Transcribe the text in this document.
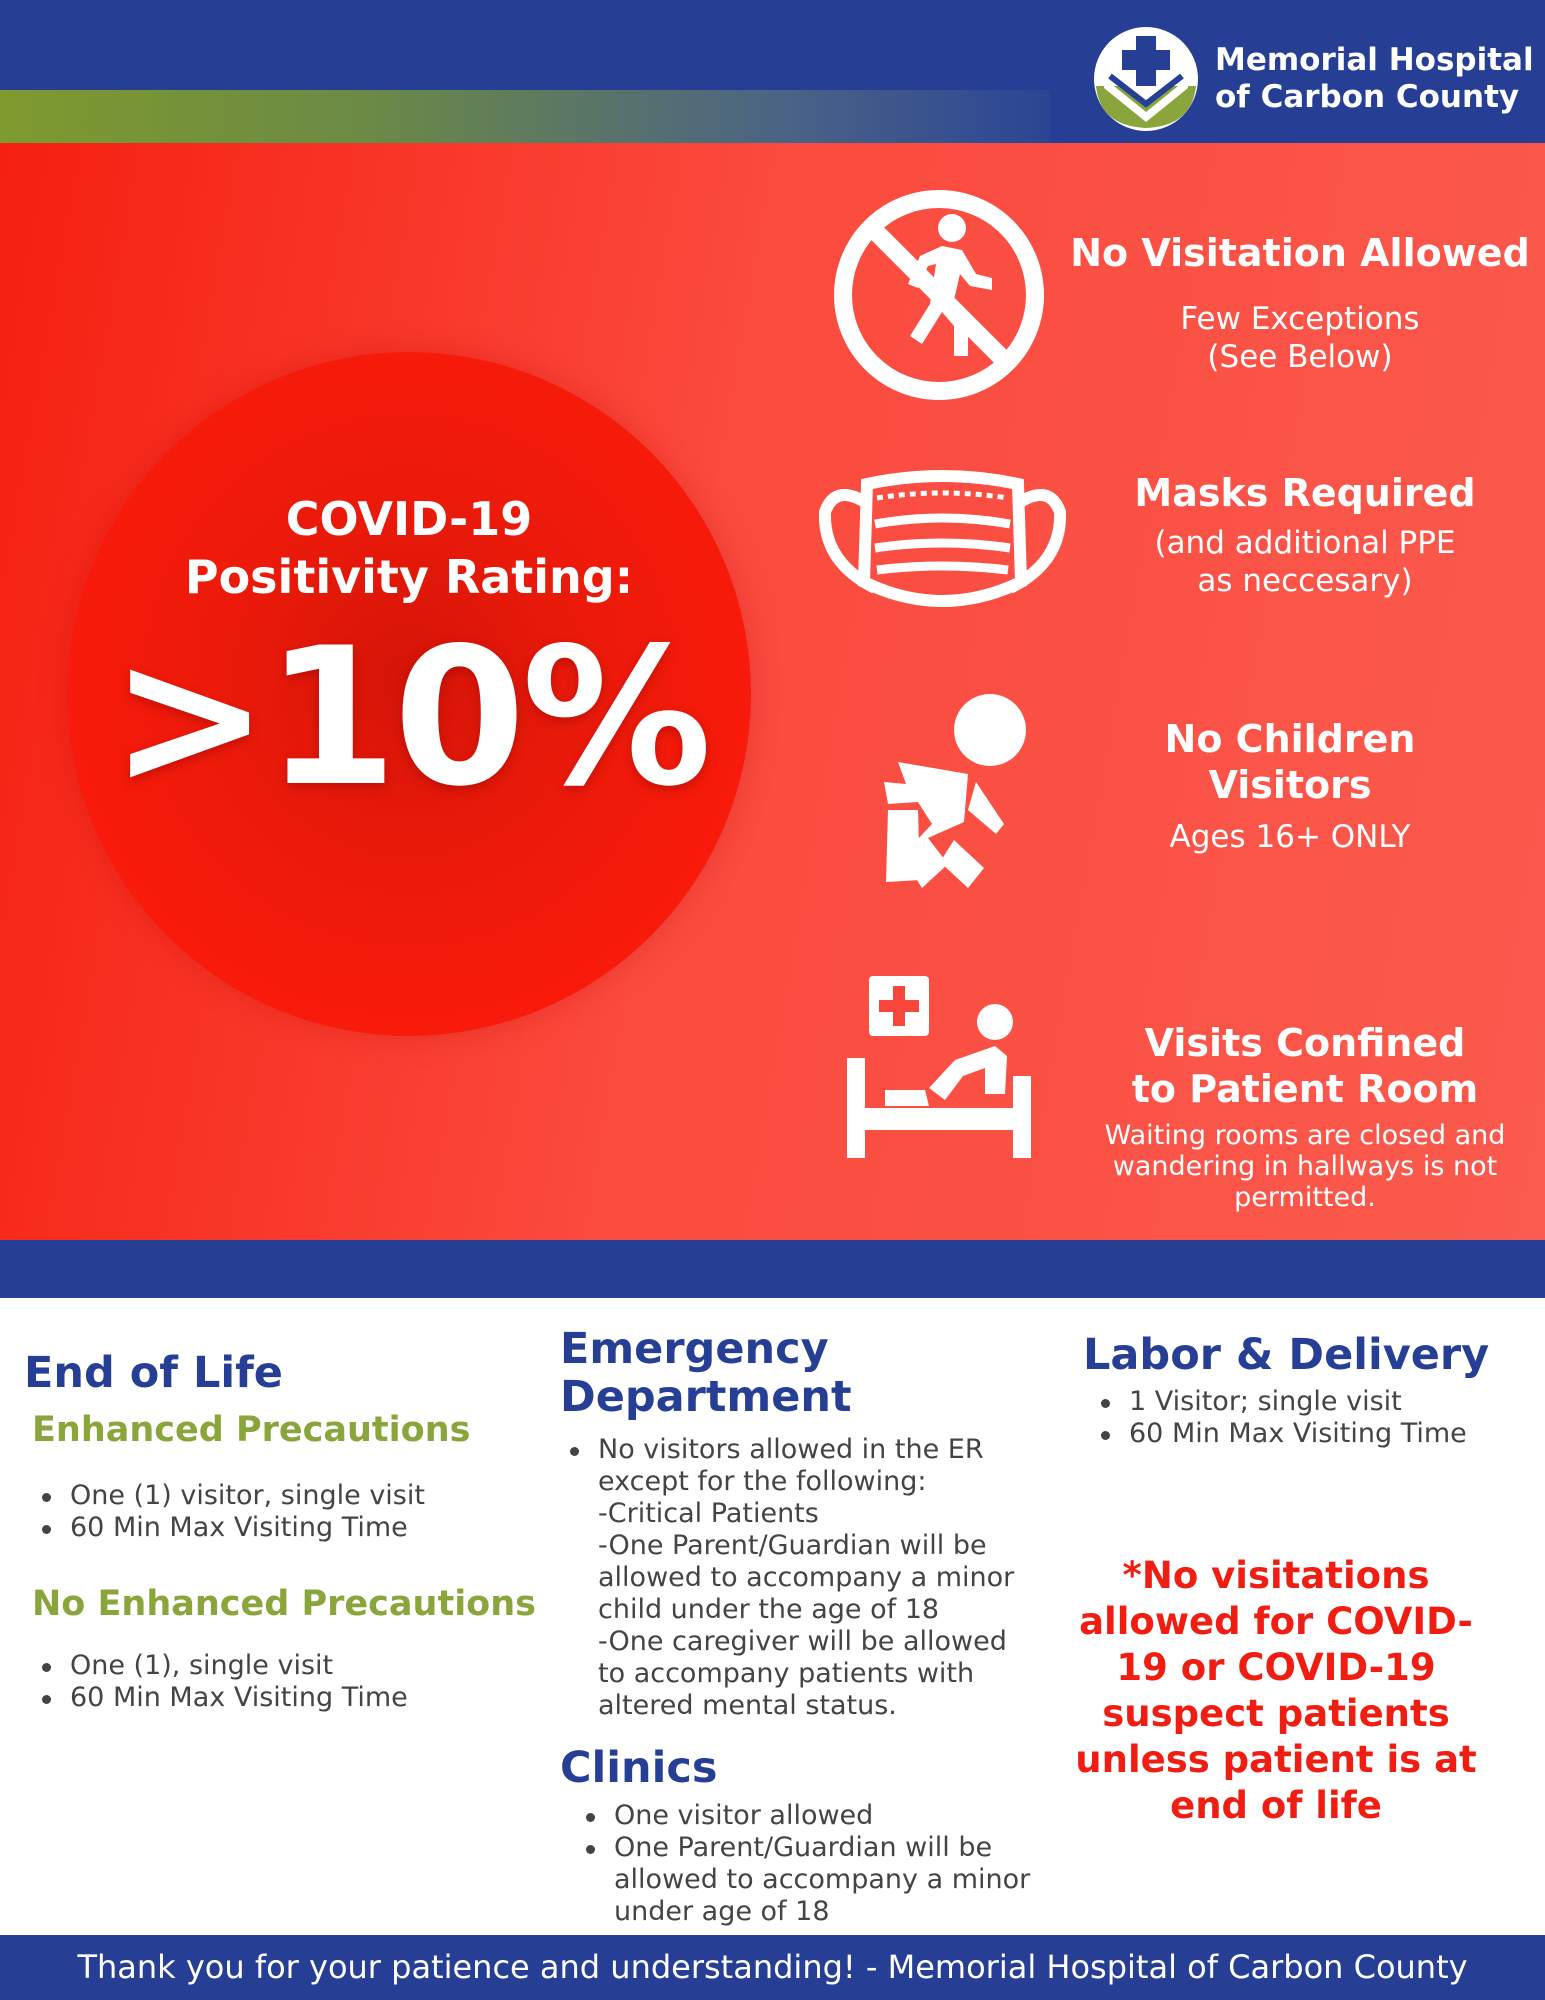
Memorial Hospital
of Carbon County
COVID-19
Positivity Rating:
>10%
No Visitation Allowed
Few Exceptions
(See Below)
Masks Required
(and additional PPE
as neccesary)
No Children
Visitors
Ages 16+ ONLY
Visits Confined
to Patient Room
Waiting rooms are closed and
wandering in hallways is not
permitted.
End of Life
Enhanced Precautions
One (1) visitor, single visit
60 Min Max Visiting Time
No Enhanced Precautions
One (1), single visit
60 Min Max Visiting Time
Emergency
Department
No visitors allowed in the ER
except for the following:
-Critical Patients
-One Parent/Guardian will be
allowed to accompany a minor
child under the age of 18
-One caregiver will be allowed
to accompany patients with
altered mental status.
Clinics
One visitor allowed
One Parent/Guardian will be
allowed to accompany a minor
under age of 18
Labor & Delivery
1 Visitor; single visit
60 Min Max Visiting Time
*No visitations
allowed for COVID-
19 or COVID-19
suspect patients
unless patient is at
end of life
Thank you for your patience and understanding! - Memorial Hospital of Carbon County
